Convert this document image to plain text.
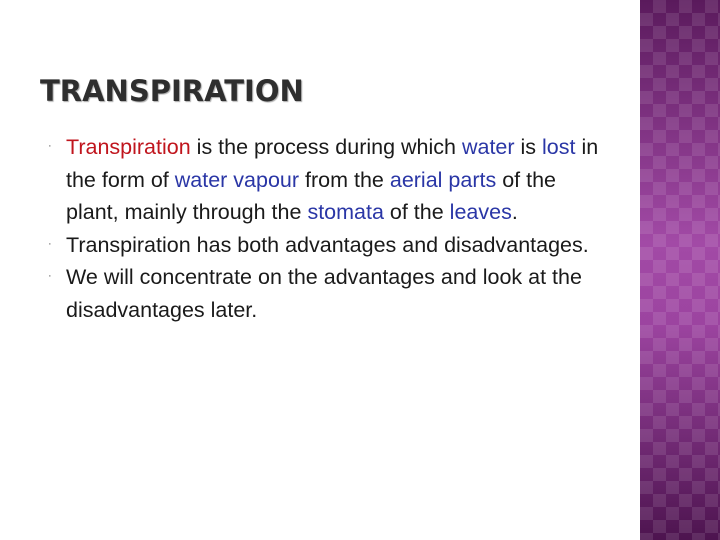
TRANSPIRATION
· Transpiration is the process during which water is lost in the form of water vapour from the aerial parts of the plant, mainly through the stomata of the leaves.
· Transpiration has both advantages and disadvantages.
· We will concentrate on the advantages and look at the disadvantages later.
